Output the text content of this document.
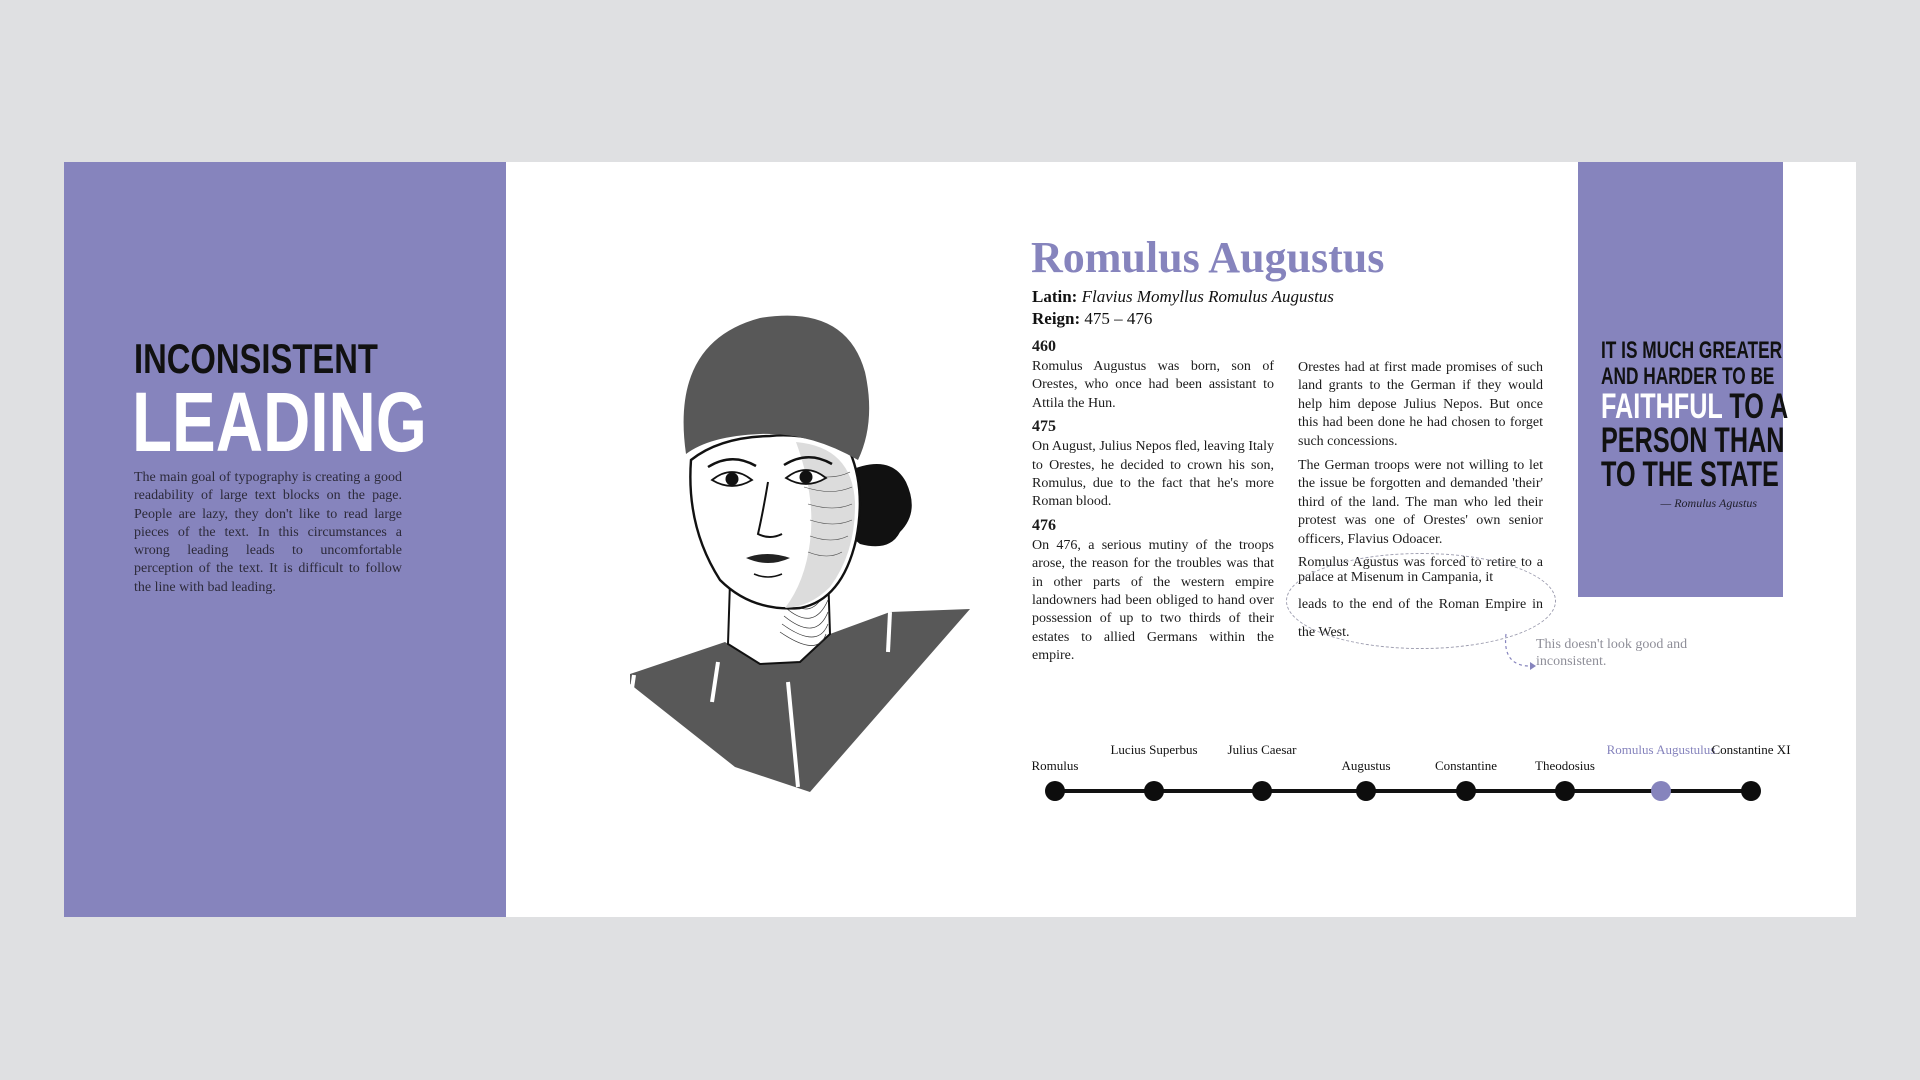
INCONSISTENT
LEADING
The main goal of typography is creating a good readability of large text blocks on the page. People are lazy, they don't like to read large pieces of the text. In this circumstances a wrong leading leads to uncomfortable perception of the text. It is difficult to follow the line with bad leading.
Romulus Augustus
Latin: Flavius Momyllus Romulus Augustus
Reign: 475 – 476
460
Romulus Augustus was born, son of Orestes, who once had been assistant to Attila the Hun.
475
On August, Julius Nepos fled, leaving Italy to Orestes, he decided to crown his son, Romulus, due to the fact that he's more Roman blood.
476
On 476, a serious mutiny of the troops arose, the reason for the troubles was that in other parts of the western empire landowners had been obliged to hand over possession of up to two thirds of their estates to allied Germans within the empire.
Orestes had at first made promises of such land grants to the German if they would help him depose Julius Nepos. But once this had been done he had chosen to forget such concessions.
The German troops were not willing to let the issue be forgotten and demanded 'their' third of the land. The man who led their protest was one of Orestes' own senior officers, Flavius Odoacer.
Romulus Agustus was forced to retire to a palace at Misenum in Campania, it
leads to the end of the Roman Empire in the West.
This doesn't look good and inconsistent.
IT IS MUCH GREATER
AND HARDER TO BE
FAITHFUL TO A
PERSON THAN
TO THE STATE
— Romulus Agustus
Romulus
Lucius Superbus	Julius Caesar
Augustus	Constantine	Theodosius
Romulus Augustulus
Constantine XI
